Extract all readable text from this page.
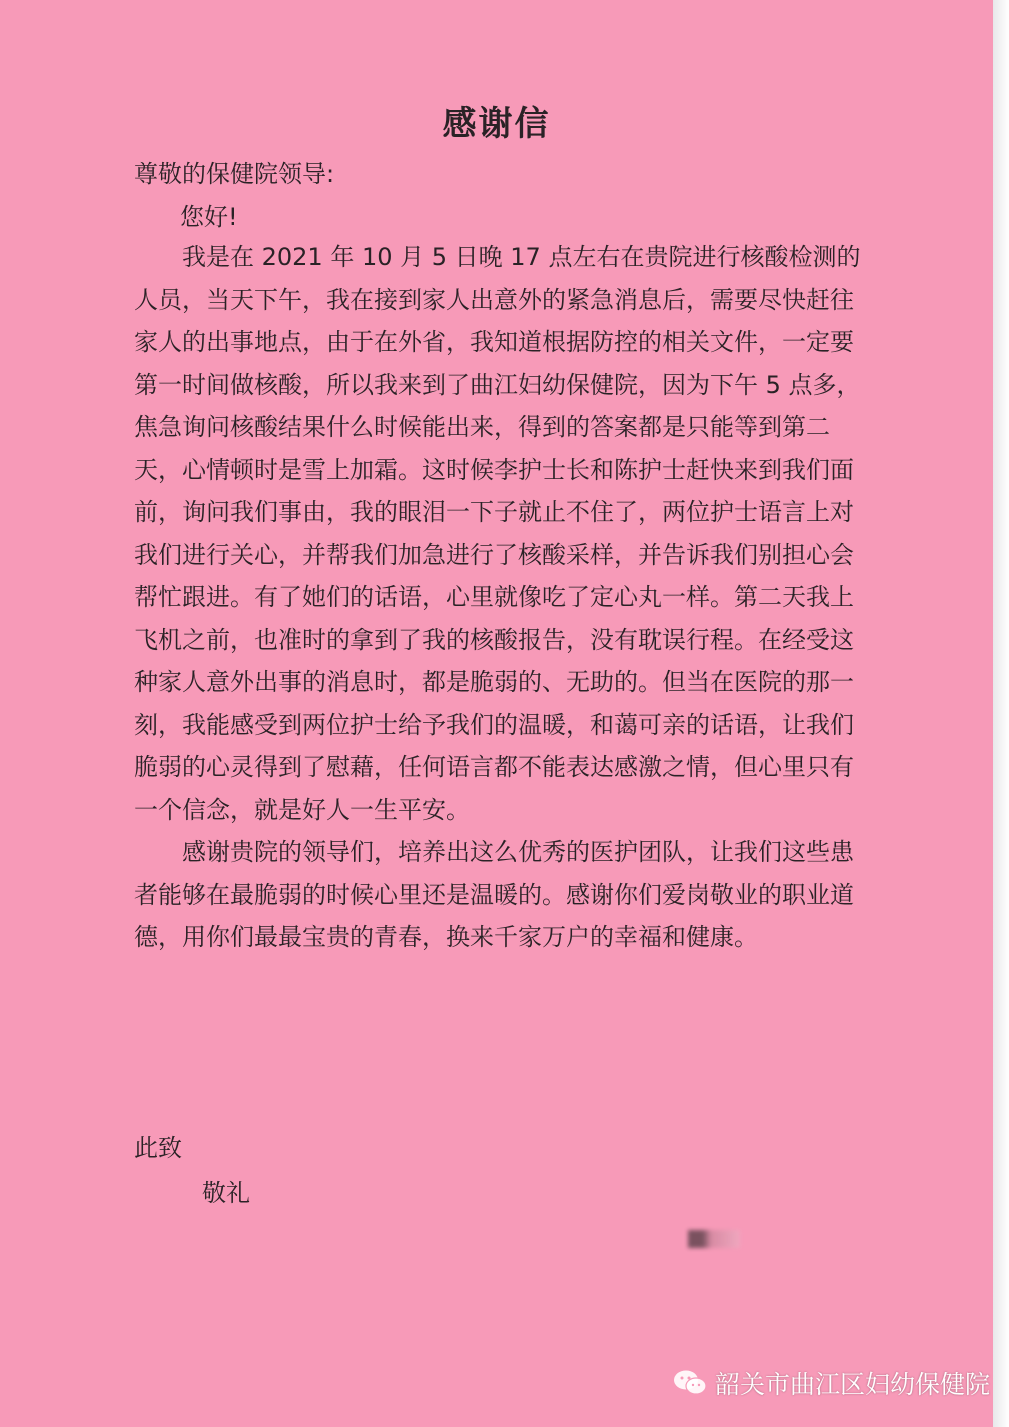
感谢信
尊敬的保健院领导:
您好!

我是在 2021 年 10 月 5 日晚 17 点左右在贵院进行核酸检测的人员，当天下午，我在接到家人出意外的紧急消息后，需要尽快赶往家人的出事地点，由于在外省，我知道根据防控的相关文件，一定要第一时间做核酸，所以我来到了曲江妇幼保健院，因为下午 5 点多，焦急询问核酸结果什么时候能出来，得到的答案都是只能等到第二天，心情顿时是雪上加霜。这时候李护士长和陈护士赶快来到我们面前，询问我们事由，我的眼泪一下子就止不住了，两位护士语言上对我们进行关心，并帮我们加急进行了核酸采样，并告诉我们别担心会帮忙跟进。有了她们的话语，心里就像吃了定心丸一样。第二天我上飞机之前，也准时的拿到了我的核酸报告，没有耽误行程。在经受这种家人意外出事的消息时，都是脆弱的、无助的。但当在医院的那一刻，我能感受到两位护士给予我们的温暖，和蔼可亲的话语，让我们脆弱的心灵得到了慰藉，任何语言都不能表达感激之情，但心里只有一个信念，就是好人一生平安。

感谢贵院的领导们，培养出这么优秀的医护团队，让我们这些患者能够在最脆弱的时候心里还是温暖的。感谢你们爱岗敬业的职业道德，用你们最最宝贵的青春，换来千家万户的幸福和健康。

此致
敬礼
韶关市曲江区妇幼保健院
